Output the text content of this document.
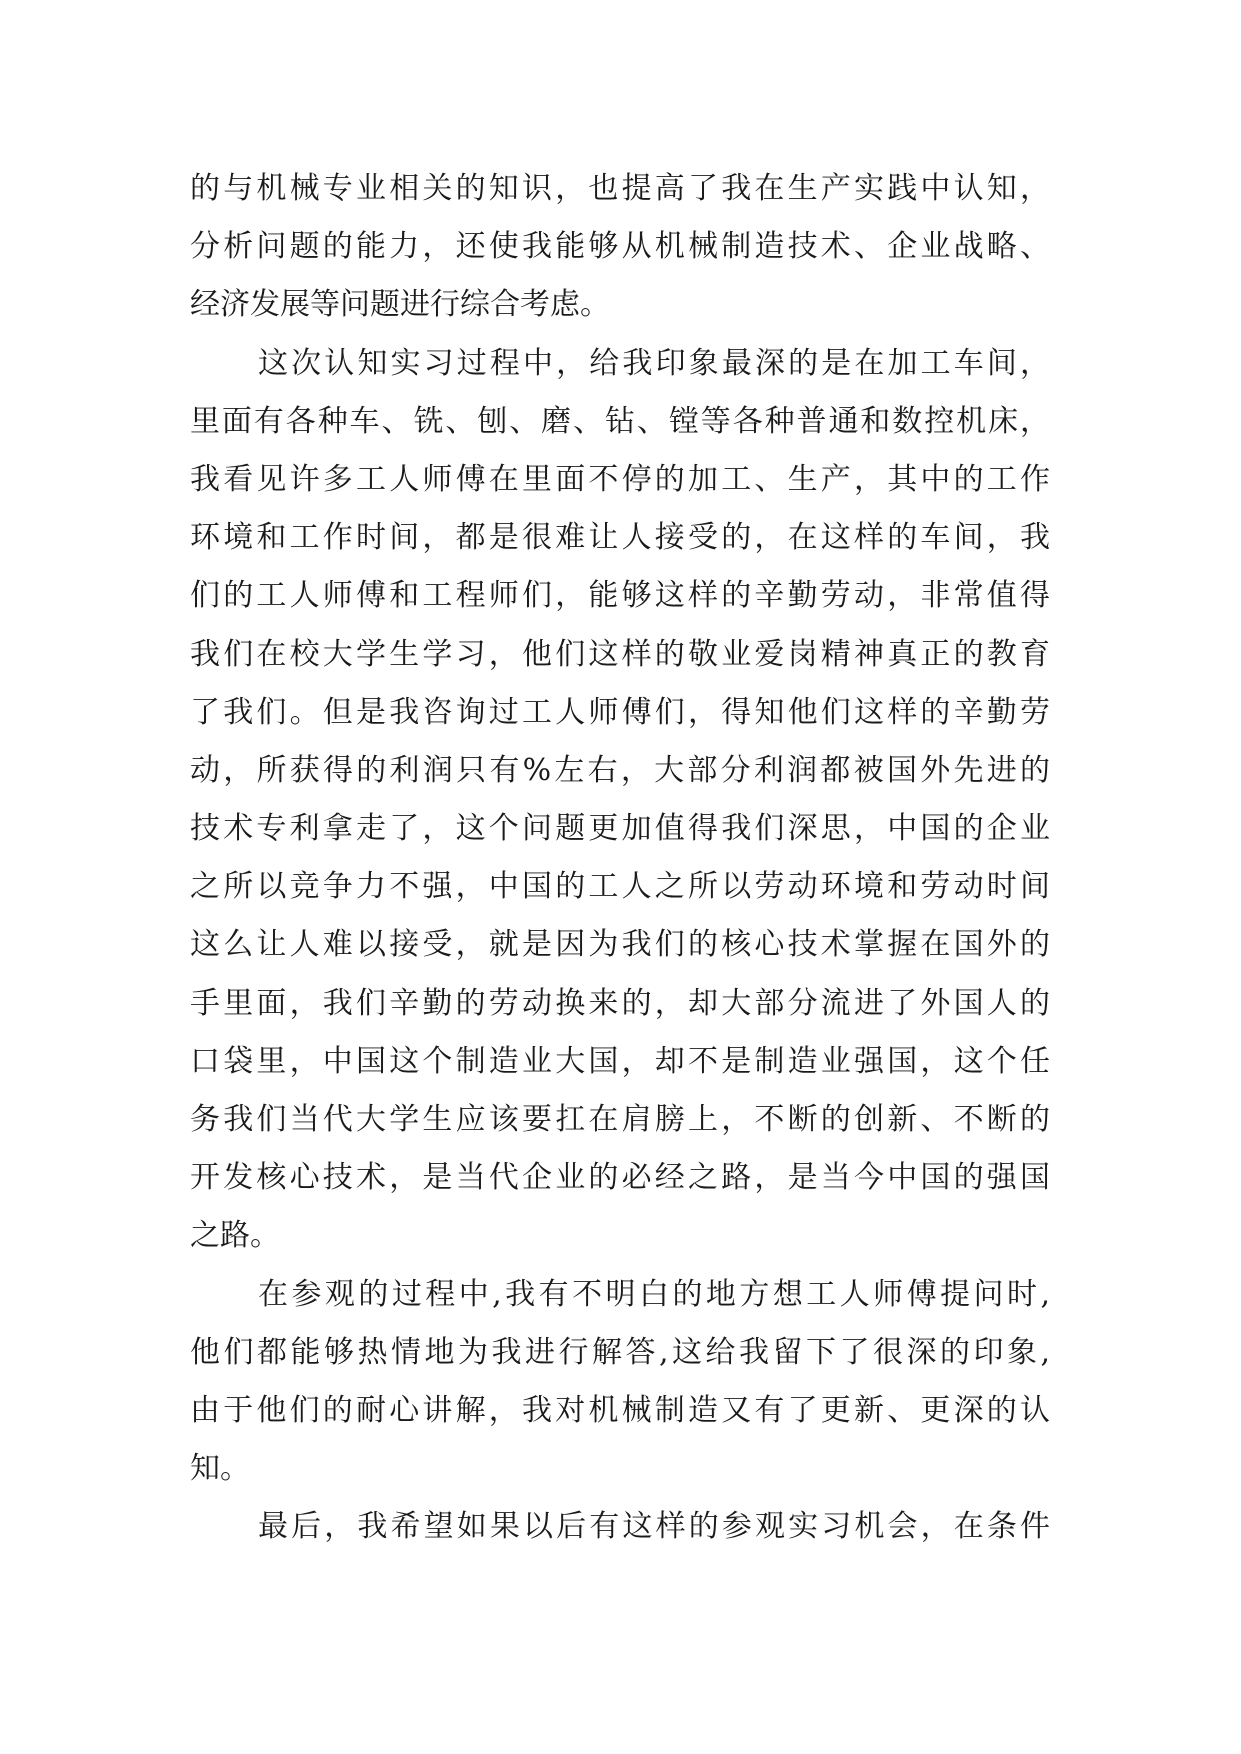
的与机械专业相关的知识，也提高了我在生产实践中认知，
分析问题的能力，还使我能够从机械制造技术、企业战略、
经济发展等问题进行综合考虑。
这次认知实习过程中，给我印象最深的是在加工车间，
里面有各种车、铣、刨、磨、钻、镗等各种普通和数控机床，
我看见许多工人师傅在里面不停的加工、生产，其中的工作
环境和工作时间，都是很难让人接受的，在这样的车间，我
们的工人师傅和工程师们，能够这样的辛勤劳动，非常值得
我们在校大学生学习，他们这样的敬业爱岗精神真正的教育
了我们。但是我咨询过工人师傅们，得知他们这样的辛勤劳
动，所获得的利润只有%左右，大部分利润都被国外先进的
技术专利拿走了，这个问题更加值得我们深思，中国的企业
之所以竞争力不强，中国的工人之所以劳动环境和劳动时间
这么让人难以接受，就是因为我们的核心技术掌握在国外的
手里面，我们辛勤的劳动换来的，却大部分流进了外国人的
口袋里，中国这个制造业大国，却不是制造业强国，这个任
务我们当代大学生应该要扛在肩膀上，不断的创新、不断的
开发核心技术，是当代企业的必经之路，是当今中国的强国
之路。
在参观的过程中,我有不明白的地方想工人师傅提问时,
他们都能够热情地为我进行解答,这给我留下了很深的印象,
由于他们的耐心讲解，我对机械制造又有了更新、更深的认
知。
最后，我希望如果以后有这样的参观实习机会，在条件
